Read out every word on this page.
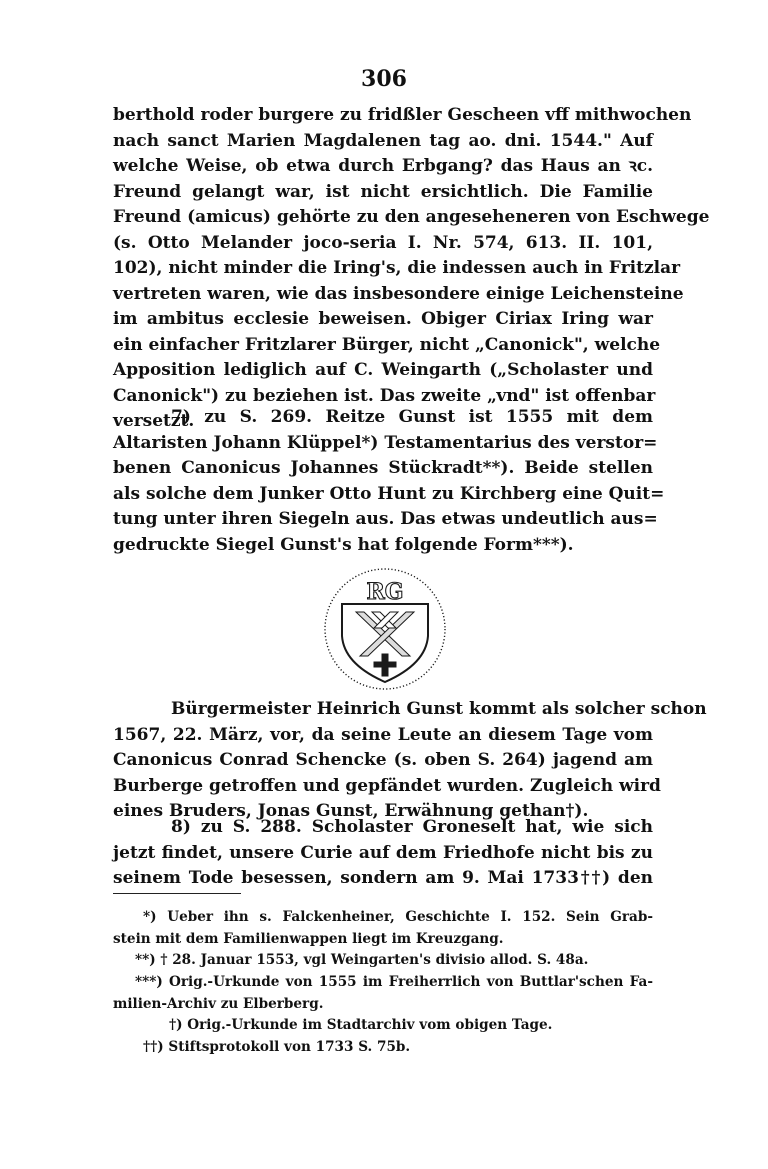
306
berthold roder burgere zu fridßler Gescheen vff mithwochen
nach sanct Marien Magdalenen tag ao. dni. 1544." Auf
welche Weise, ob etwa durch Erbgang? das Haus an ꝛc.
Freund gelangt war, ist nicht ersichtlich. Die Familie
Freund (amicus) gehörte zu den angeseheneren von Eschwege
(s. Otto Melander joco-seria I. Nr. 574, 613. II. 101,
102), nicht minder die Iring's, die indessen auch in Fritzlar
vertreten waren, wie das insbesondere einige Leichensteine
im ambitus ecclesie beweisen. Obiger Ciriax Iring war
ein einfacher Fritzlarer Bürger, nicht „Canonick", welche
Apposition lediglich auf C. Weingarth („Scholaster und
Canonick") zu beziehen ist. Das zweite „vnd" ist offenbar
versetzt.
7) zu S. 269. Reitze Gunst ist 1555 mit dem
Altaristen Johann Klüppel*) Testamentarius des verstor=
benen Canonicus Johannes Stückradt**). Beide stellen
als solche dem Junker Otto Hunt zu Kirchberg eine Quit=
tung unter ihren Siegeln aus. Das etwas undeutlich aus=
gedruckte Siegel Gunst's hat folgende Form***).
RG
Bürgermeister Heinrich Gunst kommt als solcher schon
1567, 22. März, vor, da seine Leute an diesem Tage vom
Canonicus Conrad Schencke (s. oben S. 264) jagend am
Burberge getroffen und gepfändet wurden. Zugleich wird
eines Bruders, Jonas Gunst, Erwähnung gethan†).
8) zu S. 288. Scholaster Groneselt hat, wie sich
jetzt findet, unsere Curie auf dem Friedhofe nicht bis zu
seinem Tode besessen, sondern am 9. Mai 1733††) den
*) Ueber ihn s. Falckenheiner, Geschichte I. 152. Sein Grab-
stein mit dem Familienwappen liegt im Kreuzgang.
**) † 28. Januar 1553, vgl Weingarten's divisio allod. S. 48a.
***) Orig.-Urkunde von 1555 im Freiherrlich von Buttlar'schen Fa-
milien-Archiv zu Elberberg.
†) Orig.-Urkunde im Stadtarchiv vom obigen Tage.
††) Stiftsprotokoll von 1733 S. 75b.
